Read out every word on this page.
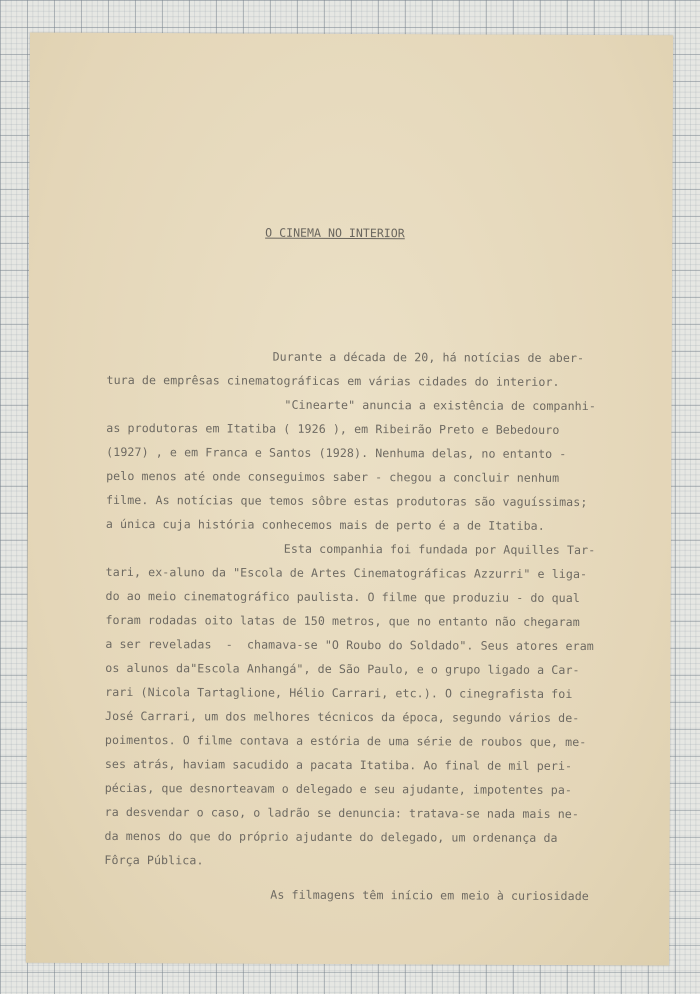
O CINEMA NO INTERIOR

Durante a década de 20, há notícias de aber-

tura de emprêsas cinematográficas em várias cidades do interior.

"Cinearte" anuncia a existência de companhi-

as produtoras em Itatiba ( 1926 ), em Ribeirão Preto e Bebedouro

(1927) , e em Franca e Santos (1928). Nenhuma delas, no entanto -

pelo menos até onde conseguimos saber - chegou a concluir nenhum

filme. As notícias que temos sôbre estas produtoras são vaguíssimas;

a única cuja história conhecemos mais de perto é a de Itatiba.

Esta companhia foi fundada por Aquilles Tar-

tari, ex-aluno da "Escola de Artes Cinematográficas Azzurri" e liga-

do ao meio cinematográfico paulista. O filme que produziu - do qual

foram rodadas oito latas de 150 metros, que no entanto não chegaram

a ser reveladas  -  chamava-se "O Roubo do Soldado". Seus atores eram

os alunos da"Escola Anhangá", de São Paulo, e o grupo ligado a Car-

rari (Nicola Tartaglione, Hélio Carrari, etc.). O cinegrafista foi

José Carrari, um dos melhores técnicos da época, segundo vários de-

poimentos. O filme contava a estória de uma série de roubos que, me-

ses atrás, haviam sacudido a pacata Itatiba. Ao final de mil peri-

pécias, que desnorteavam o delegado e seu ajudante, impotentes pa-

ra desvendar o caso, o ladrão se denuncia: tratava-se nada mais ne-

da menos do que do próprio ajudante do delegado, um ordenança da

Fôrça Pública.

As filmagens têm início em meio à curiosidade
